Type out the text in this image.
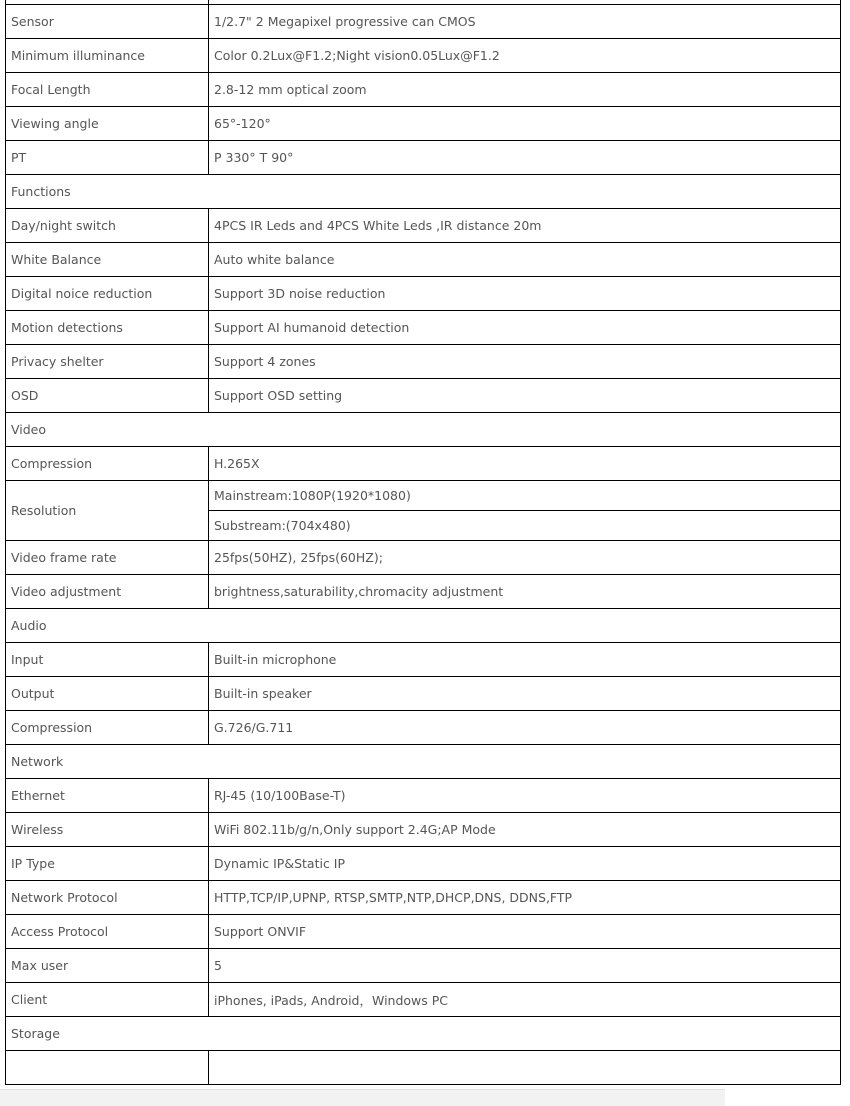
Sensor	1/2.7" 2 Megapixel progressive can CMOS
Minimum illuminance	Color 0.2Lux@F1.2;Night vision0.05Lux@F1.2
Focal Length	2.8-12 mm optical zoom
Viewing angle	65°-120°
PT	P 330° T 90°
Functions	
Day/night switch	4PCS IR Leds and 4PCS White Leds ,IR distance 20m
White Balance	Auto white balance
Digital noice reduction	Support 3D noise reduction
Motion detections	Support AI humanoid detection
Privacy shelter	Support 4 zones
OSD	Support OSD setting
Video	
Compression	H.265X
Resolution	Mainstream:1080P(1920*1080)
	Substream:(704x480)
Video frame rate	25fps(50HZ), 25fps(60HZ);
Video adjustment	brightness,saturability,chromacity adjustment
Audio	
Input	Built-in microphone
Output	Built-in speaker
Compression	G.726/G.711
Network	
Ethernet	RJ-45 (10/100Base-T)
Wireless	WiFi 802.11b/g/n,Only support 2.4G;AP Mode
IP Type	Dynamic IP&Static IP
Network Protocol	HTTP,TCP/IP,UPNP, RTSP,SMTP,NTP,DHCP,DNS, DDNS,FTP
Access Protocol	Support ONVIF
Max user	5
Client	iPhones, iPads, Android，Windows PC
Storage	
